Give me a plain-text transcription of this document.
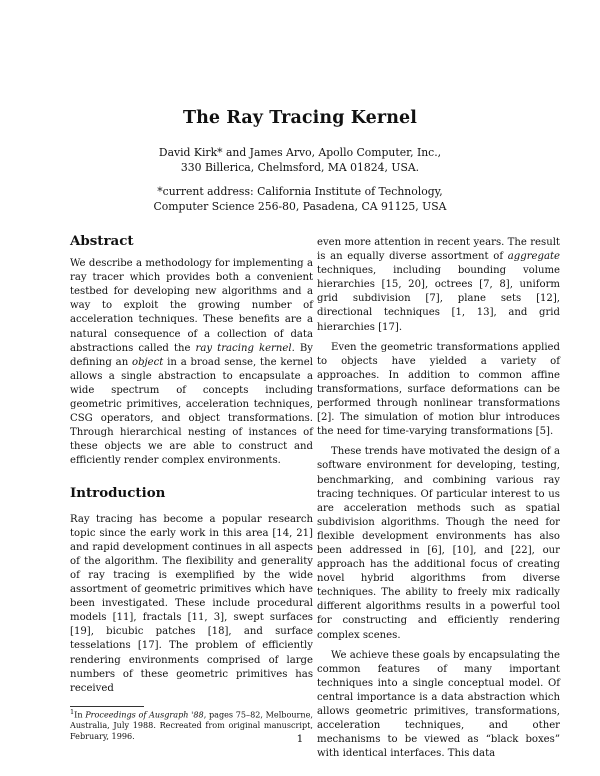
The Ray Tracing Kernel
David Kirk* and James Arvo, Apollo Computer, Inc.,
330 Billerica, Chelmsford, MA 01824, USA.
*current address: California Institute of Technology,
Computer Science 256-80, Pasadena, CA 91125, USA
Abstract

We describe a methodology for implementing a ray tracer which provides both a convenient testbed for developing new algorithms and a way to exploit the growing number of acceleration techniques. These benefits are a natural consequence of a collection of data abstractions called the ray tracing kernel. By defining an object in a broad sense, the kernel allows a single abstraction to encapsulate a wide spectrum of concepts including geometric primitives, acceleration techniques, CSG operators, and object transformations. Through hierarchical nesting of instances of these objects we are able to construct and efficiently render complex environments.

Introduction

Ray tracing has become a popular research topic since the early work in this area [14, 21] and rapid development continues in all aspects of the algorithm. The flexibility and generality of ray tracing is exemplified by the wide assortment of geometric primitives which have been investigated. These include procedural models [11], fractals [11, 3], swept surfaces [19], bicubic patches [18], and surface tesselations [17]. The problem of efficiently rendering environments comprised of large numbers of these geometric primitives has received

$^1$In Proceedings of Ausgraph '88, pages 75–82, Melbourne, Australia, July 1988. Recreated from original manuscript, February, 1996.

even more attention in recent years. The result is an equally diverse assortment of aggregate techniques, including bounding volume hierarchies [15, 20], octrees [7, 8], uniform grid subdivision [7], plane sets [12], directional techniques [1, 13], and grid hierarchies [17].

Even the geometric transformations applied to objects have yielded a variety of approaches. In addition to common affine transformations, surface deformations can be performed through nonlinear transformations [2]. The simulation of motion blur introduces the need for time-varying transformations [5].

These trends have motivated the design of a software environment for developing, testing, benchmarking, and combining various ray tracing techniques. Of particular interest to us are acceleration methods such as spatial subdivision algorithms. Though the need for flexible development environments has also been addressed in [6], [10], and [22], our approach has the additional focus of creating novel hybrid algorithms from diverse techniques. The ability to freely mix radically different algorithms results in a powerful tool for constructing and efficiently rendering complex scenes.

We achieve these goals by encapsulating the common features of many important techniques into a single conceptual model. Of central importance is a data abstraction which allows geometric primitives, transformations, acceleration techniques, and other mechanisms to be viewed as “black boxes” with identical interfaces. This data

1
